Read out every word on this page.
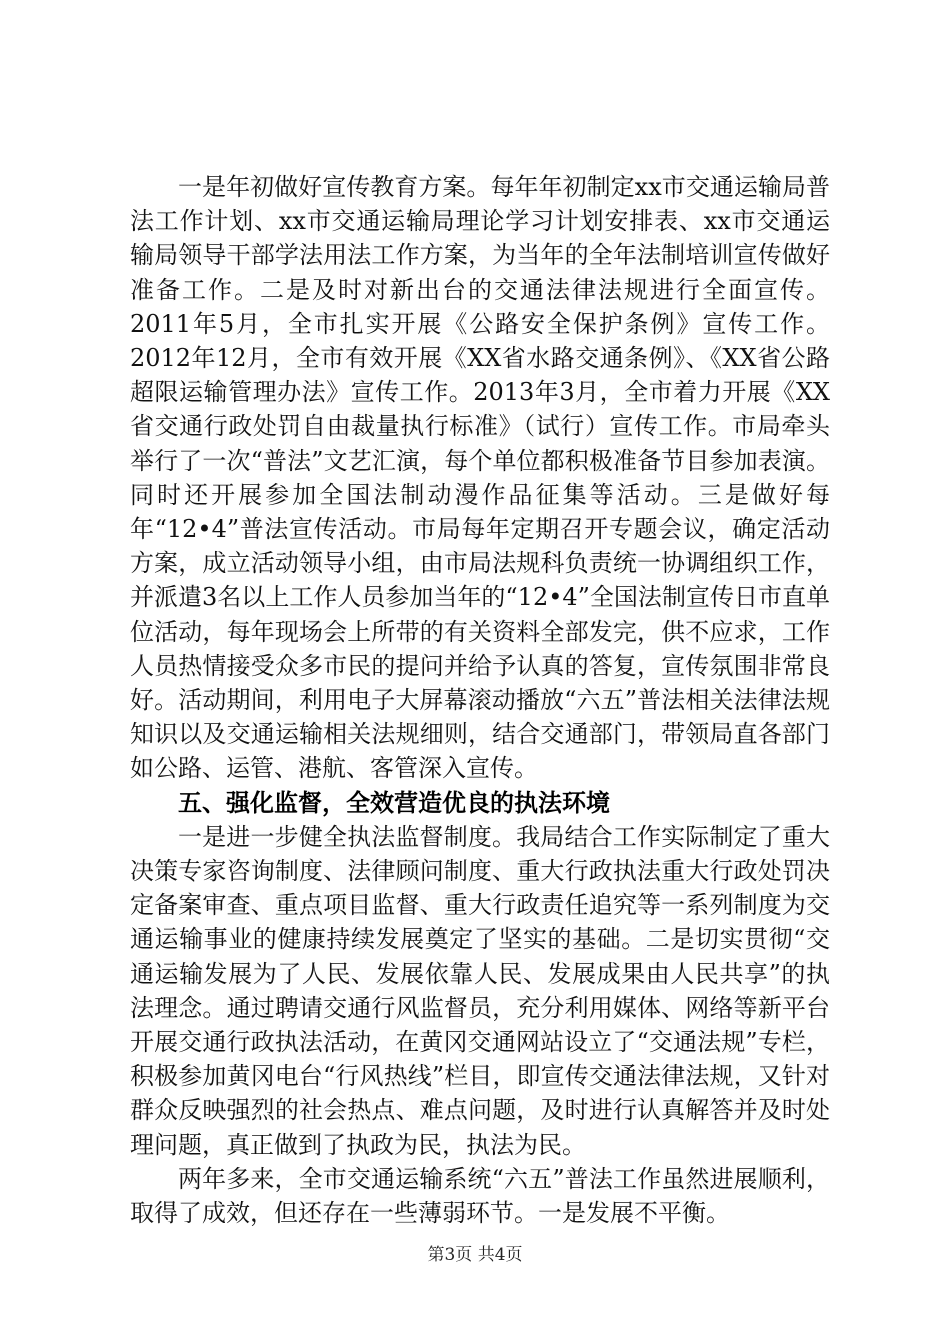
一是年初做好宣传教育方案。每年年初制定xx市交通运输局普法工作计划、xx市交通运输局理论学习计划安排表、xx市交通运输局领导干部学法用法工作方案，为当年的全年法制培训宣传做好准备工作。二是及时对新出台的交通法律法规进行全面宣传。2011年5月，全市扎实开展《公路安全保护条例》宣传工作。2012年12月，全市有效开展《XX省水路交通条例》、《XX省公路超限运输管理办法》宣传工作。2013年3月，全市着力开展《XX省交通行政处罚自由裁量执行标准》（试行）宣传工作。市局牵头举行了一次“普法”文艺汇演，每个单位都积极准备节目参加表演。同时还开展参加全国法制动漫作品征集等活动。三是做好每年“12•4”普法宣传活动。市局每年定期召开专题会议，确定活动方案，成立活动领导小组，由市局法规科负责统一协调组织工作，并派遣3名以上工作人员参加当年的“12•4”全国法制宣传日市直单位活动，每年现场会上所带的有关资料全部发完，供不应求，工作人员热情接受众多市民的提问并给予认真的答复，宣传氛围非常良好。活动期间，利用电子大屏幕滚动播放“六五”普法相关法律法规知识以及交通运输相关法规细则，结合交通部门，带领局直各部门如公路、运管、港航、客管深入宣传。

五、强化监督，全效营造优良的执法环境

一是进一步健全执法监督制度。我局结合工作实际制定了重大决策专家咨询制度、法律顾问制度、重大行政执法重大行政处罚决定备案审查、重点项目监督、重大行政责任追究等一系列制度为交通运输事业的健康持续发展奠定了坚实的基础。二是切实贯彻“交通运输发展为了人民、发展依靠人民、发展成果由人民共享”的执法理念。通过聘请交通行风监督员，充分利用媒体、网络等新平台开展交通行政执法活动，在黄冈交通网站设立了“交通法规”专栏，积极参加黄冈电台“行风热线”栏目，即宣传交通法律法规，又针对群众反映强烈的社会热点、难点问题，及时进行认真解答并及时处理问题，真正做到了执政为民，执法为民。

两年多来，全市交通运输系统“六五”普法工作虽然进展顺利，取得了成效，但还存在一些薄弱环节。一是发展不平衡。

第3页 共4页
